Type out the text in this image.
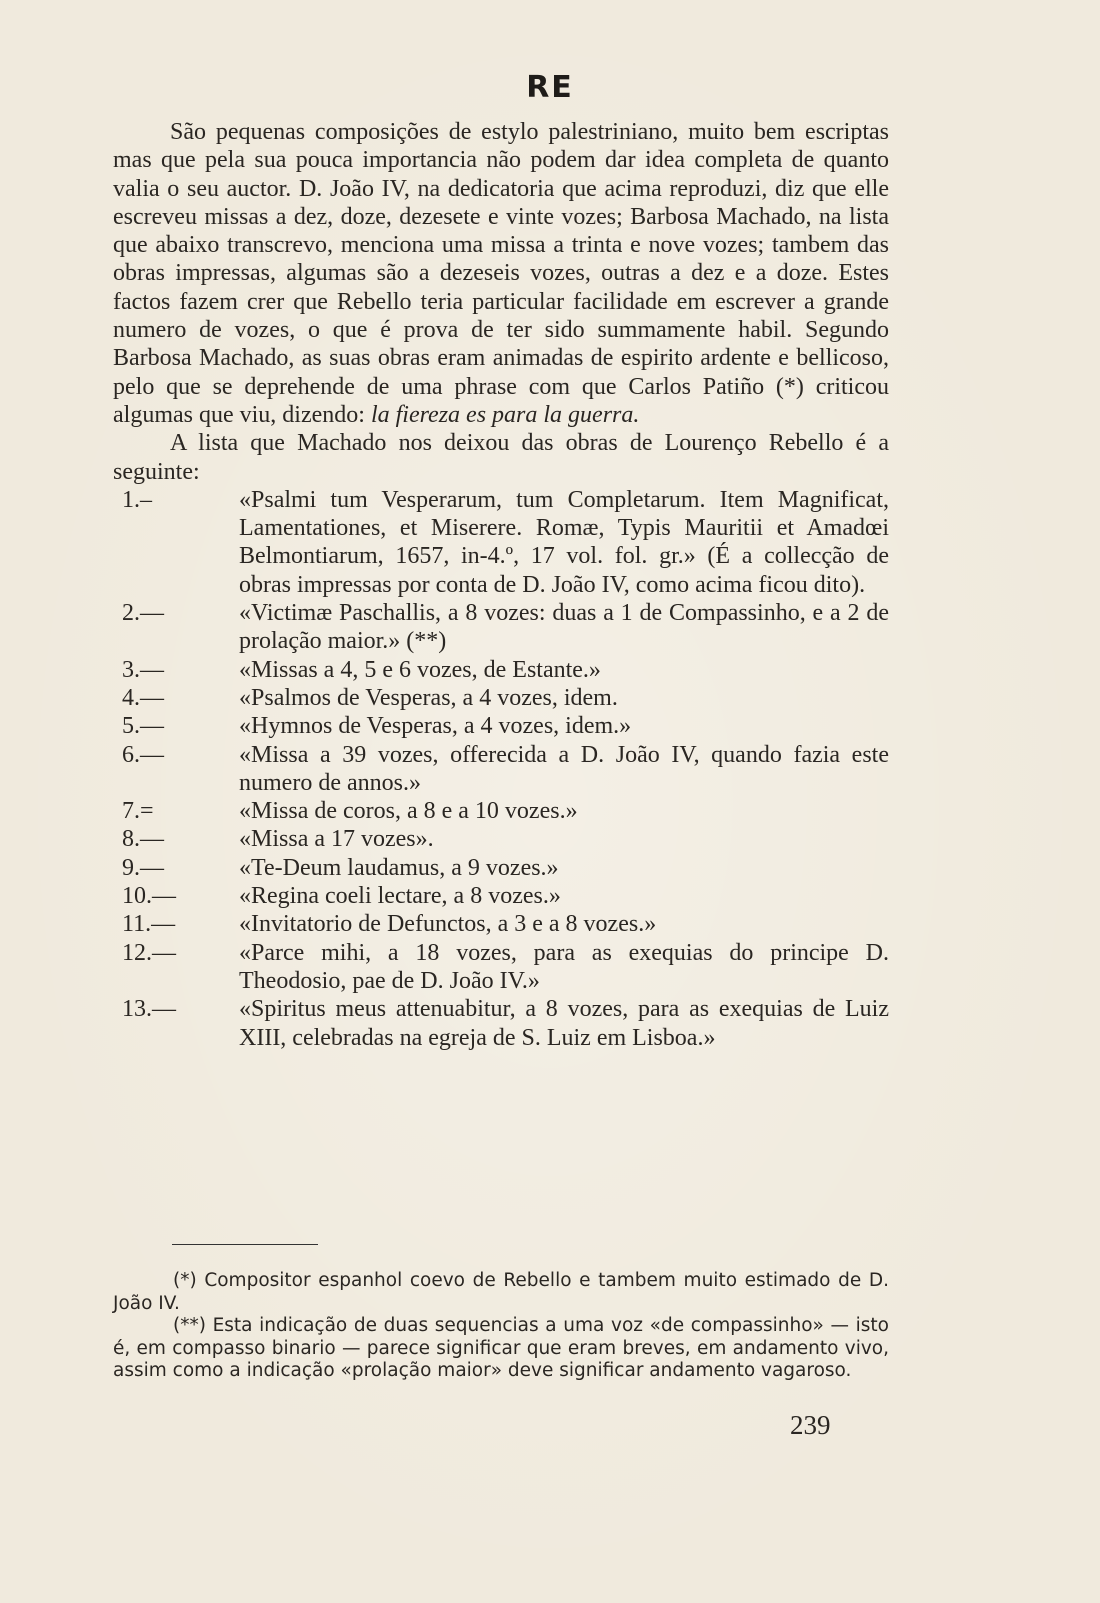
RE

São pequenas composições de estylo palestriniano, muito bem escriptas mas que pela sua pouca importancia não podem dar idea completa de quanto valia o seu auctor. D. João IV, na dedicatoria que acima reproduzi, diz que elle escreveu missas a dez, doze, dezesete e vinte vozes; Barbosa Machado, na lista que abaixo transcrevo, menciona uma missa a trinta e nove vozes; tambem das obras impressas, algumas são a dezeseis vozes, outras a dez e a doze. Estes factos fazem crer que Rebello teria particular facilidade em escrever a grande numero de vozes, o que é prova de ter sido summamente habil. Segundo Barbosa Machado, as suas obras eram animadas de espirito ardente e bellicoso, pelo que se deprehende de uma phrase com que Carlos Patiño (*) criticou algumas que viu, dizendo: la fiereza es para la guerra.

A lista que Machado nos deixou das obras de Lourenço Rebello é a seguinte:

1.–	«Psalmi tum Vesperarum, tum Completarum. Item Magnificat, Lamentationes, et Miserere. Romæ, Typis Mauritii et Amadœi Belmontiarum, 1657, in-4.º, 17 vol. fol. gr.» (É a collecção de obras impressas por conta de D. João IV, como acima ficou dito).
2.—	«Victimæ Paschallis, a 8 vozes: duas a 1 de Compassinho, e a 2 de prolação maior.» (**)
3.—	«Missas a 4, 5 e 6 vozes, de Estante.»
4.—	«Psalmos de Vesperas, a 4 vozes, idem.
5.—	«Hymnos de Vesperas, a 4 vozes, idem.»
6.—	«Missa a 39 vozes, offerecida a D. João IV, quando fazia este numero de annos.»
7.=	«Missa de coros, a 8 e a 10 vozes.»
8.—	«Missa a 17 vozes».
9.—	«Te-Deum laudamus, a 9 vozes.»
10.—	«Regina coeli lectare, a 8 vozes.»
11.—	«Invitatorio de Defunctos, a 3 e a 8 vozes.»
12.—	«Parce mihi, a 18 vozes, para as exequias do principe D. Theodosio, pae de D. João IV.»
13.—	«Spiritus meus attenuabitur, a 8 vozes, para as exequias de Luiz XIII, celebradas na egreja de S. Luiz em Lisboa.»

(*) Compositor espanhol coevo de Rebello e tambem muito estimado de D. João IV.

(**) Esta indicação de duas sequencias a uma voz «de compassinho» — isto é, em compasso binario — parece significar que eram breves, em andamento vivo, assim como a indicação «prolação maior» deve significar andamento vagaroso.

239
